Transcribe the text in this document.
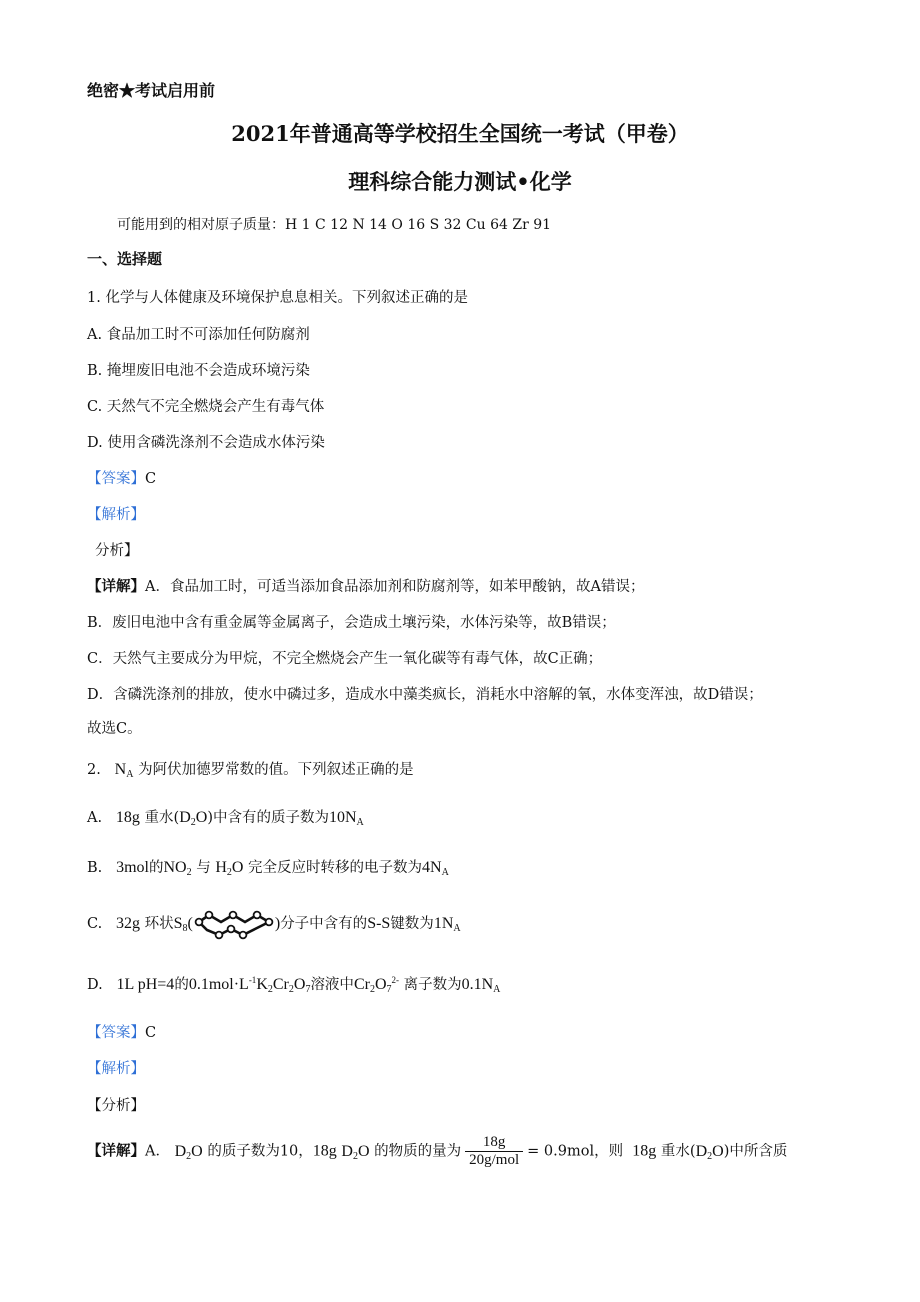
绝密★考试启用前
2021年普通高等学校招生全国统一考试（甲卷）
理科综合能力测试•化学
可能用到的相对原子质量：H 1 C 12 N 14 O 16 S 32 Cu 64 Zr 91
一、选择题
1. 化学与人体健康及环境保护息息相关。下列叙述正确的是
A. 食品加工时不可添加任何防腐剂
B. 掩埋废旧电池不会造成环境污染
C. 天然气不完全燃烧会产生有毒气体
D. 使用含磷洗涤剂不会造成水体污染
【答案】C
【解析】
分析】
【详解】A．食品加工时，可适当添加食品添加剂和防腐剂等，如苯甲酸钠，故A错误；
B．废旧电池中含有重金属等金属离子，会造成土壤污染，水体污染等，故B错误；
C．天然气主要成分为甲烷，不完全燃烧会产生一氧化碳等有毒气体，故C正确；
D．含磷洗涤剂的排放，使水中磷过多，造成水中藻类疯长，消耗水中溶解的氧，水体变浑浊，故D错误；
故选C。
2. $N_A$ 为阿伏加德罗常数的值。下列叙述正确的是
A. 18g 重水$(D_2O)$中含有的质子数为$10N_A$
B. 3mol的$NO_2$ 与 $H_2O$ 完全反应时转移的电子数为$4N_A$
C. 32g 环状$S_8$(	)分子中含有的S-S键数为$1N_A$
D. 1L pH=4的$0.1mol\cdot L^{-1}K_2Cr_2O_7$溶液中$Cr_2O_7^{2-}$ 离子数为$0.1N_A$
【答案】C
【解析】
【分析】
【详解】A． $D_2O$ 的质子数为10，18g $D_2O$ 的物质的量为 $\frac{18g}{\text{20g/mol}} = 0.9mol$，则 18g 重水$(D_2O)$中所含质
